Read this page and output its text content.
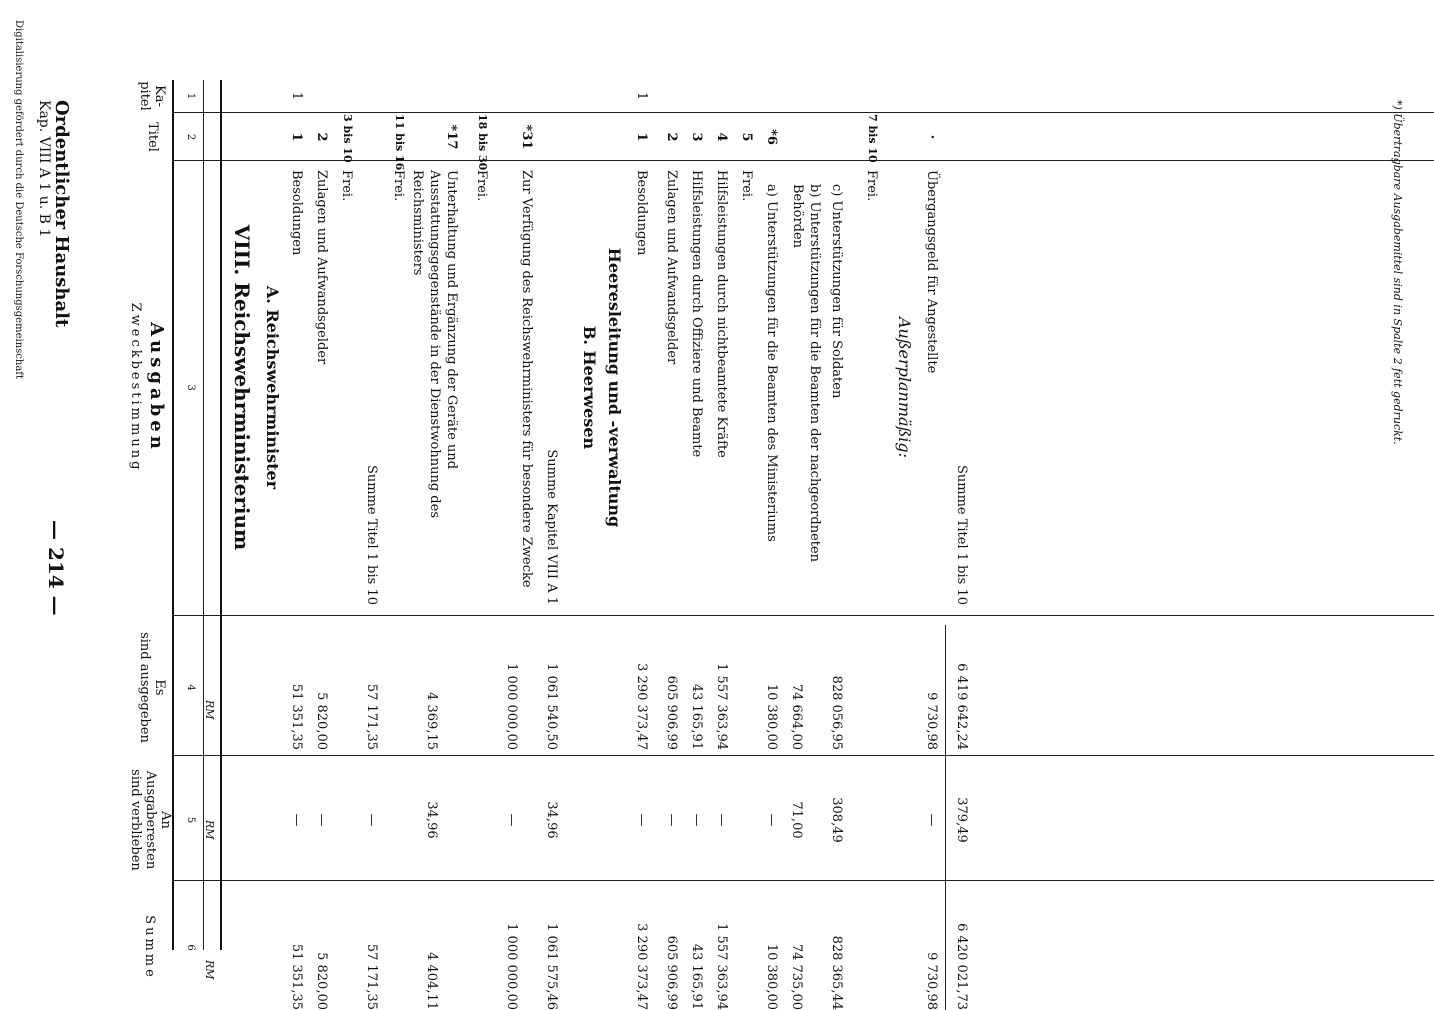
Ordentlicher Haushalt
Kap. VIII A 1 u. B 1
— 214 —
Ka-
pitel
Titel
Ausgaben
Zweckbestimmung
Es
sind ausgegeben
An
Ausgaberesten
sind verblieben
Summe
1
2
3
4
5
6
RM
RM
RM
VIII. Reichswehrministerium A. Reichswehrminister
1
1
Besoldungen
51 351,35
—
51 351,35
2
Zulagen und Aufwandsgelder
5 820,00
—
5 820,00
3 bis 10
Frei.
Summe Titel 1 bis 10
57 171,35
—
57 171,35
11 bis 16
Frei.
*17
Unterhaltung und Ergänzung der Geräte und Ausstattungsgegenstände in der Dienstwohnung des Reichsministers
4 369,15
34,96
4 404,11
18 bis 30
Frei.
*31
Zur Verfügung des Reichswehrministers für besondere Zwecke
1 000 000,00
—
1 000 000,00
Summe Kapitel VIII A 1
1 061 540,50
34,96
1 061 575,46
B. Heerwesen Heeresleitung und -verwaltung
1
1
Besoldungen
3 290 373,47
—
3 290 373,47
2
Zulagen und Aufwandsgelder
605 906,99
—
605 906,99
3
Hilfsleistungen durch Offiziere und Beamte
43 165,91
—
43 165,91
4
Hilfsleistungen durch nichtbeamtete Kräfte
1 557 363,94
—
1 557 363,94
5
Frei.
*6
a) Unterstützungen für die Beamten des Ministeriums
10 380,00
—
10 380,00
b) Unterstützungen für die Beamten der nachgeordneten Behörden
74 664,00
71,00
74 735,00
c) Unterstützungen für Soldaten
828 056,95
308,49
828 365,44
7 bis 10
Frei.
Außerplanmäßig:
·
Übergangsgeld für Angestellte
9 730,98
—
9 730,98
Summe Titel 1 bis 10
6 419 642,24
379,49
6 420 021,73
*) Übertragbare Ausgabemittel sind in Spalte 2 fett gedruckt.
Digitalisierung gefördert durch die Deutsche Forschungsgemeinschaft
